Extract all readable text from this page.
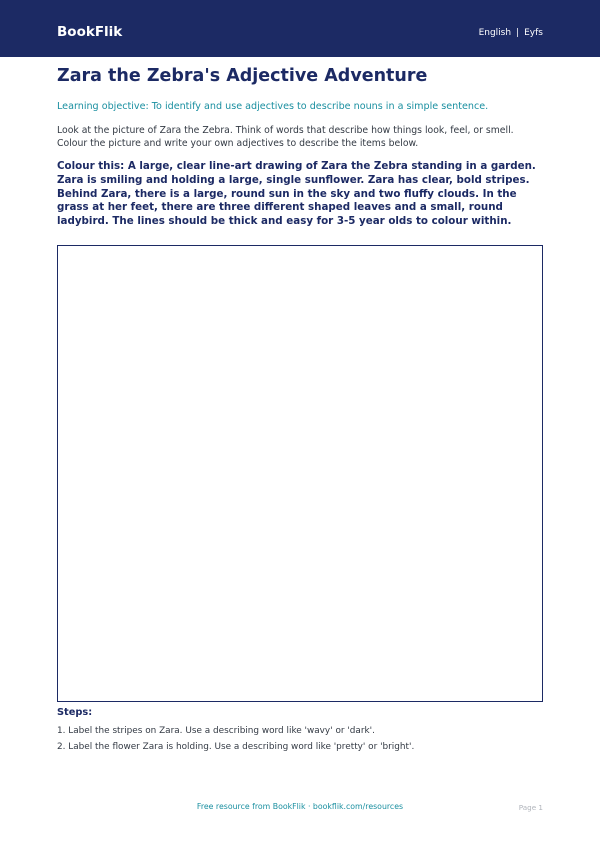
BookFlik	English | Eyfs
Zara the Zebra's Adjective Adventure
Learning objective: To identify and use adjectives to describe nouns in a simple sentence.
Look at the picture of Zara the Zebra. Think of words that describe how things look, feel, or smell. Colour the picture and write your own adjectives to describe the items below.
Colour this: A large, clear line-art drawing of Zara the Zebra standing in a garden. Zara is smiling and holding a large, single sunflower. Zara has clear, bold stripes. Behind Zara, there is a large, round sun in the sky and two fluffy clouds. In the grass at her feet, there are three different shaped leaves and a small, round ladybird. The lines should be thick and easy for 3-5 year olds to colour within.
Steps:
1. Label the stripes on Zara. Use a describing word like 'wavy' or 'dark'.
2. Label the flower Zara is holding. Use a describing word like 'pretty' or 'bright'.
Free resource from BookFlik · bookflik.com/resources	Page 1
